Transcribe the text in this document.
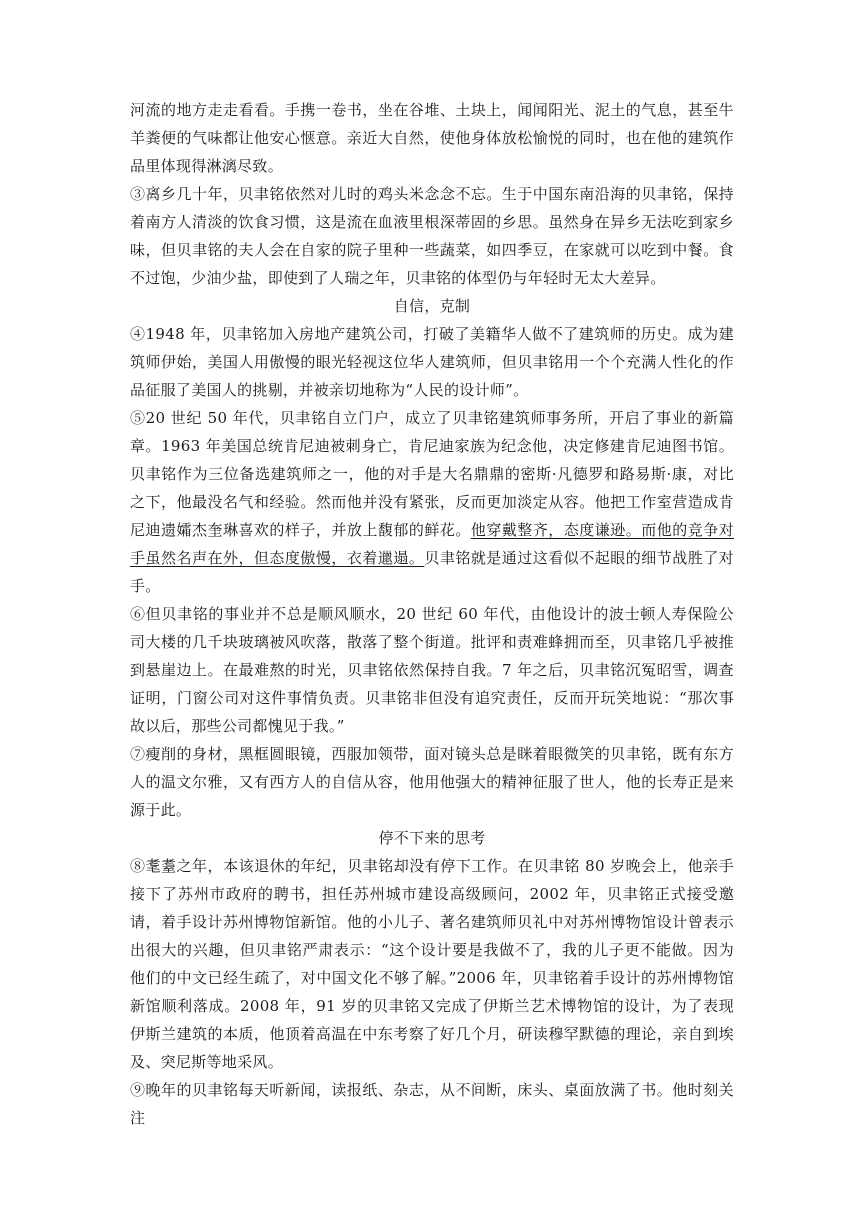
河流的地方走走看看。手携一卷书，坐在谷堆、土块上，闻闻阳光、泥土的气息，甚至牛羊粪便的气味都让他安心惬意。亲近大自然，使他身体放松愉悦的同时，也在他的建筑作品里体现得淋漓尽致。

③离乡几十年，贝聿铭依然对儿时的鸡头米念念不忘。生于中国东南沿海的贝聿铭，保持着南方人清淡的饮食习惯，这是流在血液里根深蒂固的乡思。虽然身在异乡无法吃到家乡味，但贝聿铭的夫人会在自家的院子里种一些蔬菜，如四季豆，在家就可以吃到中餐。食不过饱，少油少盐，即使到了人瑞之年，贝聿铭的体型仍与年轻时无太大差异。

自信，克制

④1948 年，贝聿铭加入房地产建筑公司，打破了美籍华人做不了建筑师的历史。成为建筑师伊始，美国人用傲慢的眼光轻视这位华人建筑师，但贝聿铭用一个个充满人性化的作品征服了美国人的挑剔，并被亲切地称为“人民的设计师”。

⑤20 世纪 50 年代，贝聿铭自立门户，成立了贝聿铭建筑师事务所，开启了事业的新篇章。1963 年美国总统肯尼迪被刺身亡，肯尼迪家族为纪念他，决定修建肯尼迪图书馆。贝聿铭作为三位备选建筑师之一，他的对手是大名鼎鼎的密斯·凡德罗和路易斯·康，对比之下，他最没名气和经验。然而他并没有紧张，反而更加淡定从容。他把工作室营造成肯尼迪遗孀杰奎琳喜欢的样子，并放上馥郁的鲜花。他穿戴整齐，态度谦逊。而他的竞争对手虽然名声在外，但态度傲慢，衣着邋遢。贝聿铭就是通过这看似不起眼的细节战胜了对手。

⑥但贝聿铭的事业并不总是顺风顺水，20 世纪 60 年代，由他设计的波士顿人寿保险公司大楼的几千块玻璃被风吹落，散落了整个街道。批评和责难蜂拥而至，贝聿铭几乎被推到悬崖边上。在最难熬的时光，贝聿铭依然保持自我。7 年之后，贝聿铭沉冤昭雪，调查证明，门窗公司对这件事情负责。贝聿铭非但没有追究责任，反而开玩笑地说：“那次事故以后，那些公司都愧见于我。”

⑦瘦削的身材，黑框圆眼镜，西服加领带，面对镜头总是眯着眼微笑的贝聿铭，既有东方人的温文尔雅，又有西方人的自信从容，他用他强大的精神征服了世人，他的长寿正是来源于此。

停不下来的思考

⑧耄耋之年，本该退休的年纪，贝聿铭却没有停下工作。在贝聿铭 80 岁晚会上，他亲手接下了苏州市政府的聘书，担任苏州城市建设高级顾问，2002 年，贝聿铭正式接受邀请，着手设计苏州博物馆新馆。他的小儿子、著名建筑师贝礼中对苏州博物馆设计曾表示出很大的兴趣，但贝聿铭严肃表示：“这个设计要是我做不了，我的儿子更不能做。因为他们的中文已经生疏了，对中国文化不够了解。”2006 年，贝聿铭着手设计的苏州博物馆新馆顺利落成。2008 年，91 岁的贝聿铭又完成了伊斯兰艺术博物馆的设计，为了表现伊斯兰建筑的本质，他顶着高温在中东考察了好几个月，研读穆罕默德的理论，亲自到埃及、突尼斯等地采风。

⑨晚年的贝聿铭每天听新闻，读报纸、杂志，从不间断，床头、桌面放满了书。他时刻关注
